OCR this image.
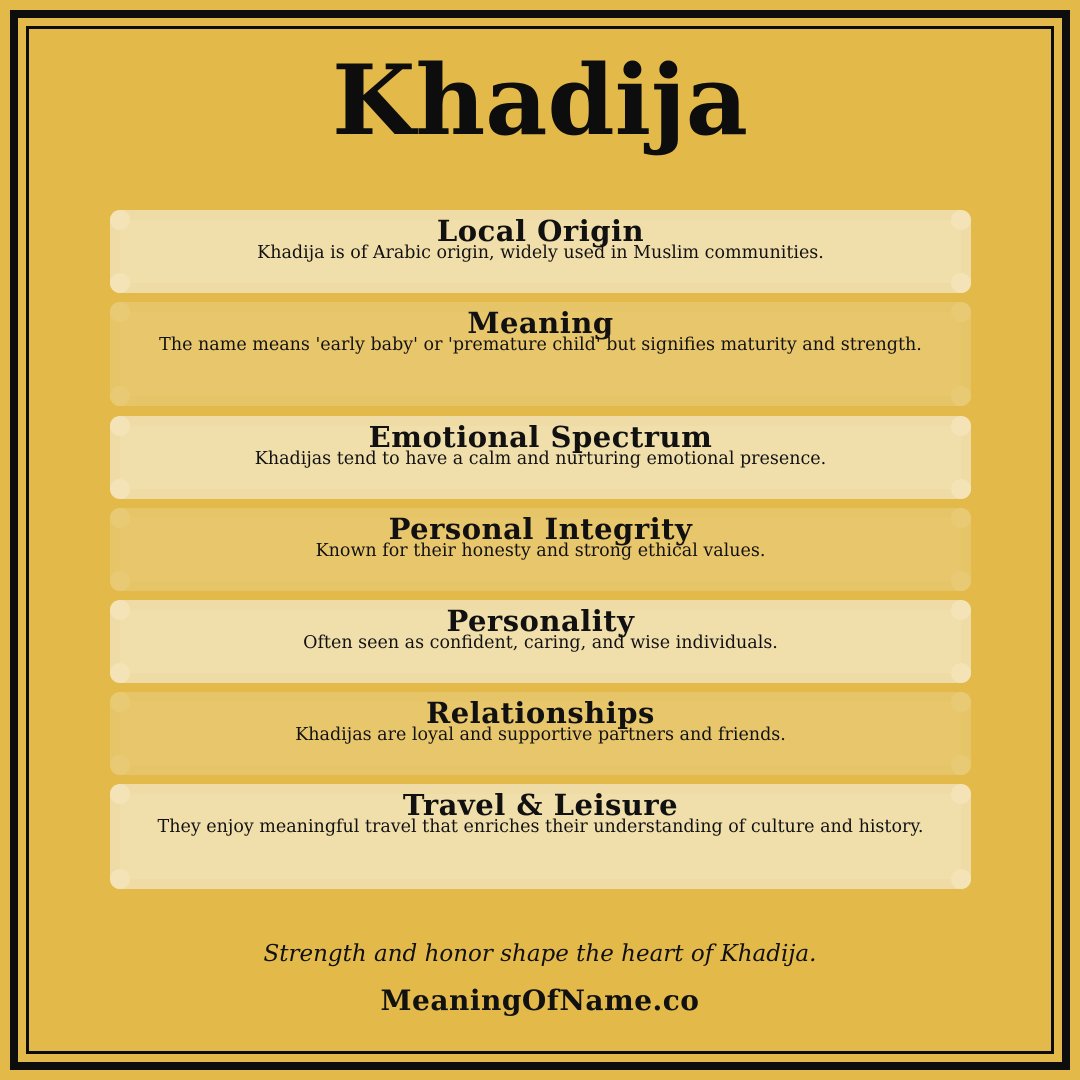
Khadija
Local Origin

Khadija is of Arabic origin, widely used in Muslim communities.

Meaning

The name means 'early baby' or 'premature child' but signifies maturity and strength.

Emotional Spectrum

Khadijas tend to have a calm and nurturing emotional presence.

Personal Integrity

Known for their honesty and strong ethical values.

Personality

Often seen as confident, caring, and wise individuals.

Relationships

Khadijas are loyal and supportive partners and friends.

Travel & Leisure

They enjoy meaningful travel that enriches their understanding of culture and history.

Strength and honor shape the heart of Khadija.

MeaningOfName.co
